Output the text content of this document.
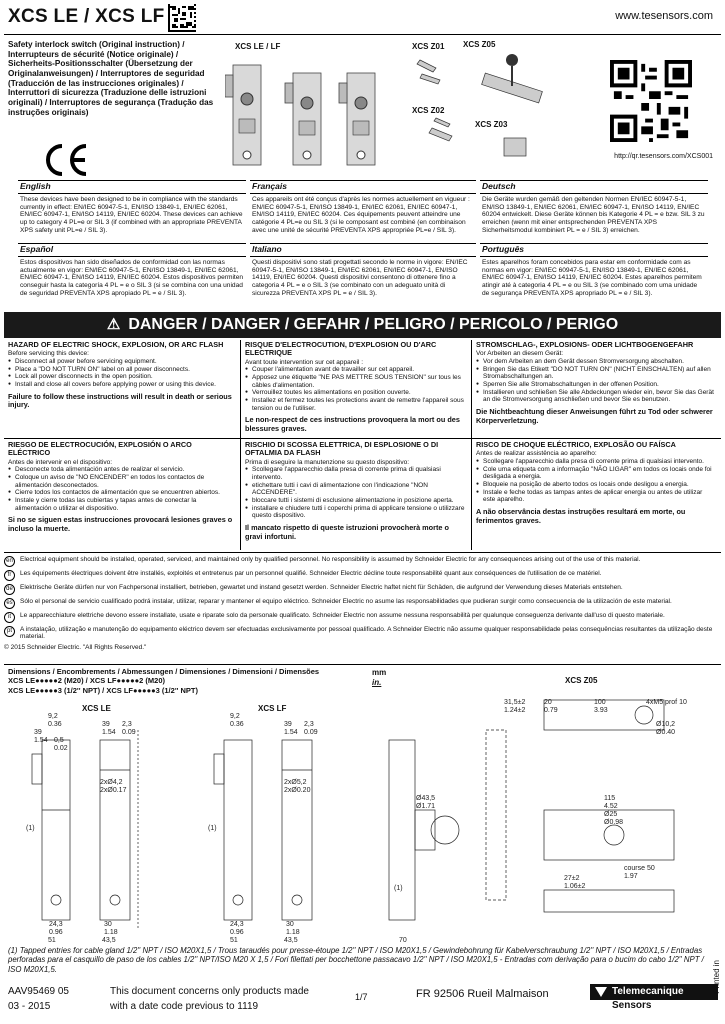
XCS LE / XCS LF	www.tesensors.com
Safety interlock switch (Original instruction) / Interrupteurs de sécurité (Notice originale) / Sicherheits-Positionsschalter (Übersetzung der Originalanweisungen) / Interruptores de seguridad (Traducción de las instrucciones originales) / Interruttori di sicurezza (Traduzione delle istruzioni originali) / Interruptores de segurança (Tradução das instruções originais)
XCS LE / LF	XCS Z01 XCS Z05
XCS Z02
XCS Z03
http://qr.tesensors.com/XCS001
English
These devices have been designed to be in compliance with the standards currently in effect: EN/IEC 60947-5-1, EN/ISO 13849-1, EN/IEC 62061, EN/IEC 60947-1, EN/ISO 14119, EN/IEC 60204. These devices can achieve up to category 4 PL=e or SIL 3 (if combined with an appropriate PREVENTA XPS safety unit PL=e / SIL 3).
Français
Ces appareils ont été conçus d'après les normes actuellement en vigueur : EN/IEC 60947-5-1, EN/ISO 13849-1, EN/IEC 62061, EN/IEC 60947-1, EN/ISO 14119, EN/IEC 60204. Ces équipements peuvent atteindre une catégorie 4 PL=e ou SIL 3 (si le composant est combiné (en combinaison avec une unité de sécurité PREVENTA XPS appropriée PL=e / SIL 3).
Deutsch
Die Geräte wurden gemäß den geltenden Normen EN/IEC 60947-5-1, EN/ISO 13849-1, EN/IEC 62061, EN/IEC 60947-1, EN/ISO 14119, EN/IEC 60204 entwickelt. Diese Geräte können bis Kategorie 4 PL = e bzw. SIL 3 zu erreichen (wenn mit einer entsprechenden PREVENTA XPS Sicherheitsmodul kombiniert PL = e / SIL 3) erreichen.
Español
Estos dispositivos han sido diseñados de conformidad con las normas actualmente en vigor: EN/IEC 60947-5-1, EN/ISO 13849-1, EN/IEC 62061, EN/IEC 60947-1, EN/ISO 14119, EN/IEC 60204. Estos dispositivos permiten conseguir hasta la categoría 4 PL = e o SIL 3 (si se combina con una unidad de seguridad PREVENTA XPS apropiado PL = e / SIL 3).
Italiano
Questi dispositivi sono stati progettati secondo le norme in vigore: EN/IEC 60947-5-1, EN/ISO 13849-1, EN/IEC 62061, EN/IEC 60947-1, EN/ISO 14119, EN/IEC 60204. Questi dispositivi consentono di ottenere fino a categoria 4 PL = e o SIL 3 (se combinato con un adeguato unità di sicurezza PREVENTA XPS PL = e / SIL 3).
Português
Estes aparelhos foram concebidos para estar em conformidade com as normas em vigor: EN/IEC 60947-5-1, EN/ISO 13849-1, EN/IEC 62061, EN/IEC 60947-1, EN/ISO 14119, EN/IEC 60204. Estes aparelhos permitem atingir até à categoria 4 PL = e ou SIL 3 (se combinado com uma unidade de segurança PREVENTA XPS apropriado PL = e / SIL 3).
⚠ DANGER / DANGER / GEFAHR / PELIGRO / PERICOLO / PERIGO
HAZARD OF ELECTRIC SHOCK, EXPLOSION, OR ARC FLASH
Before servicing this device:
● Disconnect all power before servicing equipment.
● Place a "DO NOT TURN ON" label on all power disconnects.
● Lock all power disconnects in the open position.
● Install and close all covers before applying power or using this device.
Failure to follow these instructions will result in death or serious injury.
RISQUE D'ELECTROCUTION, D'EXPLOSION OU D'ARC ELECTRIQUE
Avant toute intervention sur cet appareil :
● Couper l'alimentation avant de travailler sur cet appareil.
● Apposez une étiquette "NE PAS METTRE SOUS TENSION" sur tous les câbles d'alimentation.
● Verrouillez toutes les alimentations en position ouverte.
● Installez et fermez toutes les protections avant de remettre l'appareil sous tension ou de l'utiliser.
Le non-respect de ces instructions provoquera la mort ou des blessures graves.
STROMSCHLAG-, EXPLOSIONS- ODER LICHTBOGENGEFAHR
Vor Arbeiten an diesem Gerät:
● Vor dem Arbeiten an dem Gerät dessen Stromversorgung abschalten.
● Bringen Sie das Etikett "DO NOT TURN ON" (NICHT EINSCHALTEN) auf allen Stromabschaltungen an.
● Sperren Sie alle Stromabschaltungen in der offenen Position.
● Installieren und schließen Sie alle Abdeckungen wieder ein, bevor Sie das Gerät an die Stromversorgung anschließen und bevor Sie es benutzen.
Die Nichtbeachtung dieser Anweisungen führt zu Tod oder schwerer Körperverletzung.
RIESGO DE ELECTROCUCIÓN, EXPLOSIÓN O ARCO ELÉCTRICO
Antes de intervenir en el dispositivo:
● Desconecte toda alimentación antes de realizar el servicio.
● Coloque un aviso de "NO ENCENDER" en todos los contactos de alimentación desconectados.
● Cierre todos los contactos de alimentación que se encuentren abiertos.
● Instale y cierre todas las cubiertas y tapas antes de conectar la alimentación o utilizar el dispositivo.
Si no se siguen estas instrucciones provocará lesiones graves o incluso la muerte.
RISCHIO DI SCOSSA ELETTRICA, DI ESPLOSIONE O DI OFTALMIA DA FLASH
Prima di eseguire la manutenzione su questo dispositivo:
● Scollegare l'apparecchio dalla presa di corrente prima di qualsiasi intervento.
● etichettare tutti i cavi di alimentazione con l'indicazione "NON ACCENDERE".
● bloccare tutti i sistemi di esclusione alimentazione in posizione aperta.
● installare e chiudere tutti i coperchi prima di applicare tensione o utilizzare questo dispositivo.
Il mancato rispetto di queste istruzioni provocherà morte o gravi infortuni.
RISCO DE CHOQUE ELÉCTRICO, EXPLOSÃO OU FAÍSCA
Antes de realizar assistência ao aparelho:
● Scollegare l'apparecchio dalla presa di corrente prima di qualsiasi intervento.
● Cole uma etiqueta com a informação "NÃO LIGAR" em todos os locais onde foi desligada a energia.
● Bloqueie na posição de aberto todos os locais onde desligou a energia.
● Instale e feche todas as tampas antes de aplicar energia ou antes de utilizar este aparelho.
A não observância destas instruções resultará em morte, ou ferimentos graves.
en	Electrical equipment should be installed, operated, serviced, and maintained only by qualified personnel. No responsibility is assumed by Schneider Electric for any consequences arising out of the use of this material.
fr	Les équipements électriques doivent être installés, exploités et entretenus par un personnel qualifié. Schneider Electric décline toute responsabilité quant aux conséquences de l'utilisation de ce matériel.
de	Elektrische Geräte dürfen nur von Fachpersonal installiert, betrieben, gewartet und instand gesetzt werden. Schneider Electric haftet nicht für Schäden, die aufgrund der Verwendung dieses Materials entstehen.
es	Sólo el personal de servicio cualificado podrá instalar, utilizar, reparar y mantener el equipo eléctrico. Schneider Electric no asume las responsabilidades que pudieran surgir como consecuencia de la utilización de este material.
it	Le apparecchiature elettriche devono essere installate, usate e riparate solo da personale qualificato. Schneider Electric non assume nessuna responsabilità per qualunque conseguenza derivante dall'uso di questo materiale.
pt	A instalação, utilização e manutenção do equipamento eléctrico devem ser efectuadas exclusivamente por pessoal qualificado. A Schneider Electric não assume qualquer responsabilidade pelas consequências resultantes da utilização deste material.
© 2015 Schneider Electric. "All Rights Reserved."
Dimensions / Encombrements / Abmessungen / Dimensiones / Dimensioni / Dimensões
XCS LE●●●●●2 (M20) / XCS LF●●●●●2 (M20)
XCS LE●●●●●3 (1/2'' NPT) / XCS LF●●●●●3 (1/2'' NPT)
mm
in.
XCS LE	XCS LF
XCS Z05
9,2
0.36
39
1.54 0,5
0.02
39
1.54
2,3
0.09
2xØ4,2
2xØ0.17
24,3
0.96
51
30
1.18
43,5
9,2
0.36	39
1.54
2,3
0.09
2xØ5,2
2xØ0.20
24,3
0.96
51
30
1.18
43,5	70
Ø43,5
Ø1.71
31,5±2
1.24±2
20
0.79
100
3.93
4xM5 prof 10
Ø10,2
Ø0.40
115
4.52
Ø25
Ø0.98
course 50
1.97
27±2
1.06±2
(1)	(1)
(1)
(1) Tapped entries for cable gland 1/2'' NPT / ISO M20X1,5 / Trous taraudés pour presse-étoupe 1/2'' NPT / ISO M20X1,5 / Gewindebohrung für Kabelverschraubung 1/2'' NPT / ISO M20X1,5 / Entradas perforadas para el casquillo de paso de los cables 1/2'' NPT/ISO M20 X 1,5 / Fori filettati per bocchettone passacavo 1/2'' NPT / ISO M20X1,5 - Entradas com derivação para o bucim do cabo 1/2'' NPT / ISO M20X1,5.
AAV95469 05
03 - 2015
This document concerns only products made
with a date code previous to 1119
1/7	FR 92506 Rueil Malmaison	Telemecanique
Sensors
Printed in
